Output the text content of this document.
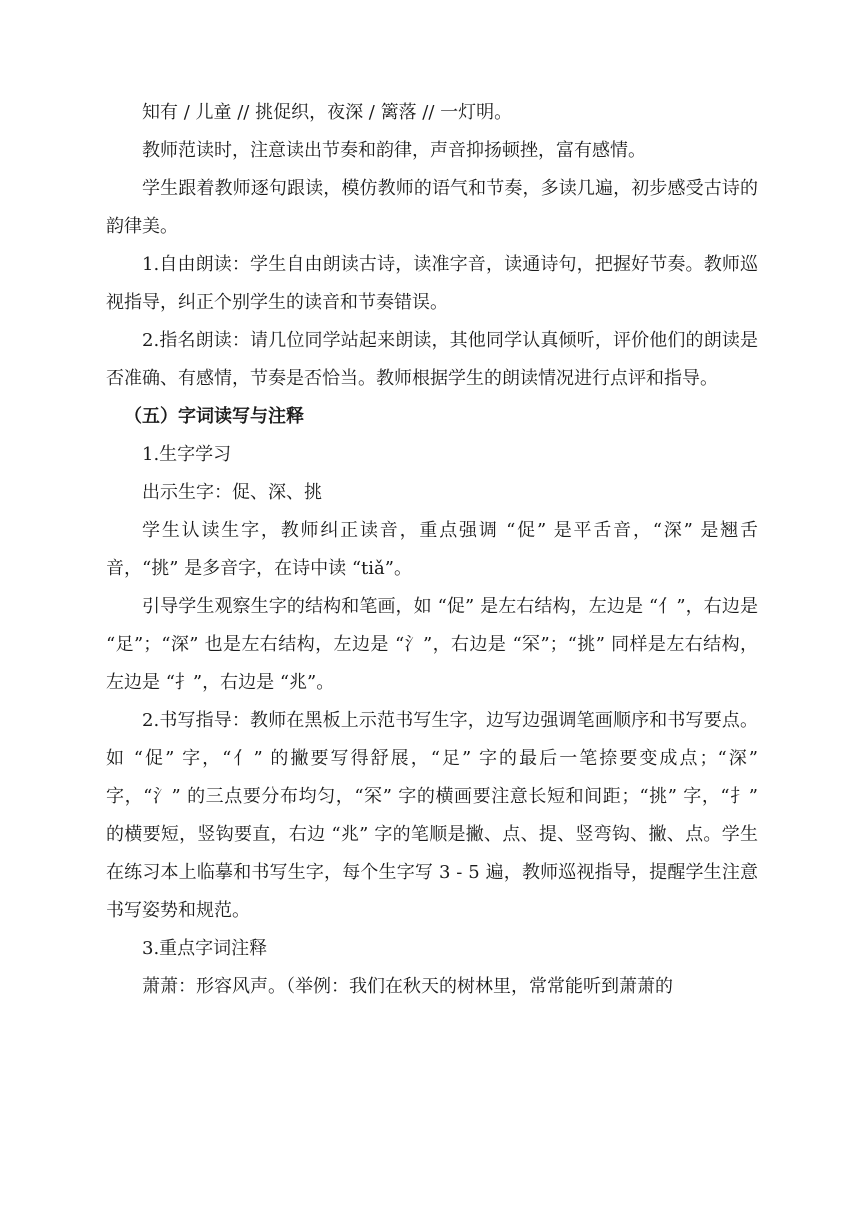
知有 / 儿童 // 挑促织，夜深 / 篱落 // 一灯明。

教师范读时，注意读出节奏和韵律，声音抑扬顿挫，富有感情。

学生跟着教师逐句跟读，模仿教师的语气和节奏，多读几遍，初步感受古诗的韵律美。

1.自由朗读：学生自由朗读古诗，读准字音，读通诗句，把握好节奏。教师巡视指导，纠正个别学生的读音和节奏错误。

2.指名朗读：请几位同学站起来朗读，其他同学认真倾听，评价他们的朗读是否准确、有感情，节奏是否恰当。教师根据学生的朗读情况进行点评和指导。

（五）字词读写与注释

1.生字学习

出示生字：促、深、挑

学生认读生字，教师纠正读音，重点强调 “促” 是平舌音，“深” 是翘舌音，“挑” 是多音字，在诗中读 “tiǎ”。

引导学生观察生字的结构和笔画，如 “促” 是左右结构，左边是 “亻”，右边是 “足”；“深” 也是左右结构，左边是 “氵”，右边是 “罙”；“挑” 同样是左右结构，左边是 “扌”，右边是 “兆”。

2.书写指导：教师在黑板上示范书写生字，边写边强调笔画顺序和书写要点。如 “促” 字，“亻” 的撇要写得舒展，“足” 字的最后一笔捺要变成点；“深” 字，“氵” 的三点要分布均匀，“罙” 字的横画要注意长短和间距；“挑” 字，“扌” 的横要短，竖钩要直，右边 “兆” 字的笔顺是撇、点、提、竖弯钩、撇、点。学生在练习本上临摹和书写生字，每个生字写 3 - 5 遍，教师巡视指导，提醒学生注意书写姿势和规范。

3.重点字词注释

萧萧：形容风声。（举例：我们在秋天的树林里，常常能听到萧萧的
